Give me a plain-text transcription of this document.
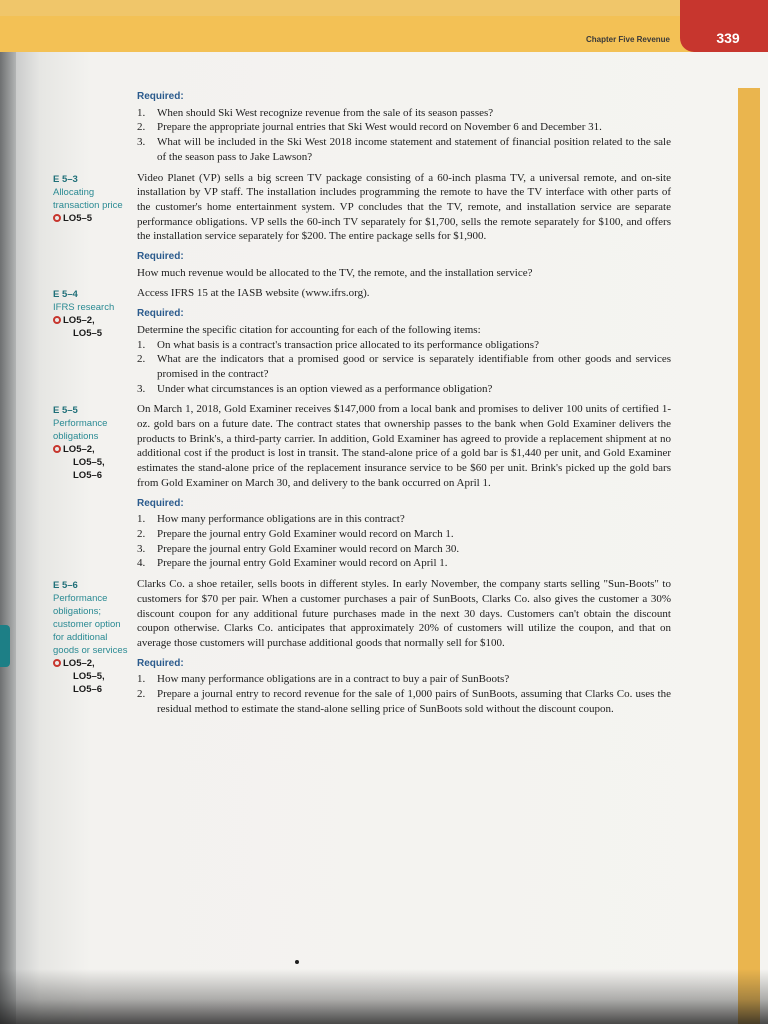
339
Chapter Five Revenue
Required:
1. When should Ski West recognize revenue from the sale of its season passes?
2. Prepare the appropriate journal entries that Ski West would record on November 6 and December 31.
3. What will be included in the Ski West 2018 income statement and statement of financial position related to the sale of the season pass to Jake Lawson?
E 5–3
Allocating transaction price
LO5–5

Video Planet (VP) sells a big screen TV package consisting of a 60-inch plasma TV, a universal remote, and on-site installation by VP staff. The installation includes programming the remote to have the TV interface with other parts of the customer's home entertainment system. VP concludes that the TV, remote, and installation service are separate performance obligations. VP sells the 60-inch TV separately for $1,700, sells the remote separately for $100, and offers the installation service separately for $200. The entire package sells for $1,900.

Required:

How much revenue would be allocated to the TV, the remote, and the installation service?

E 5–4
IFRS research
LO5–2,
LO5–5

Access IFRS 15 at the IASB website (www.ifrs.org).

Required:

Determine the specific citation for accounting for each of the following items:

1. On what basis is a contract's transaction price allocated to its performance obligations?
2. What are the indicators that a promised good or service is separately identifiable from other goods and services promised in the contract?
3. Under what circumstances is an option viewed as a performance obligation?
E 5–5
Performance obligations
LO5–2,
LO5–5,
LO5–6

On March 1, 2018, Gold Examiner receives $147,000 from a local bank and promises to deliver 100 units of certified 1-oz. gold bars on a future date. The contract states that ownership passes to the bank when Gold Examiner delivers the products to Brink's, a third-party carrier. In addition, Gold Examiner has agreed to provide a replacement shipment at no additional cost if the product is lost in transit. The stand-alone price of a gold bar is $1,440 per unit, and Gold Examiner estimates the stand-alone price of the replacement insurance service to be $60 per unit. Brink's picked up the gold bars from Gold Examiner on March 30, and delivery to the bank occurred on April 1.

Required:
1. How many performance obligations are in this contract?
2. Prepare the journal entry Gold Examiner would record on March 1.
3. Prepare the journal entry Gold Examiner would record on March 30.
4. Prepare the journal entry Gold Examiner would record on April 1.
E 5–6
Performance obligations; customer option for additional goods or services
LO5–2,
LO5–5,
LO5–6

Clarks Co. a shoe retailer, sells boots in different styles. In early November, the company starts selling "Sun-Boots" to customers for $70 per pair. When a customer purchases a pair of SunBoots, Clarks Co. also gives the customer a 30% discount coupon for any additional future purchases made in the next 30 days. Customers can't obtain the discount coupon otherwise. Clarks Co. anticipates that approximately 20% of customers will utilize the coupon, and that on average those customers will purchase additional goods that normally sell for $100.

Required:
1. How many performance obligations are in a contract to buy a pair of SunBoots?
2. Prepare a journal entry to record revenue for the sale of 1,000 pairs of SunBoots, assuming that Clarks Co. uses the residual method to estimate the stand-alone selling price of SunBoots sold without the discount coupon.
